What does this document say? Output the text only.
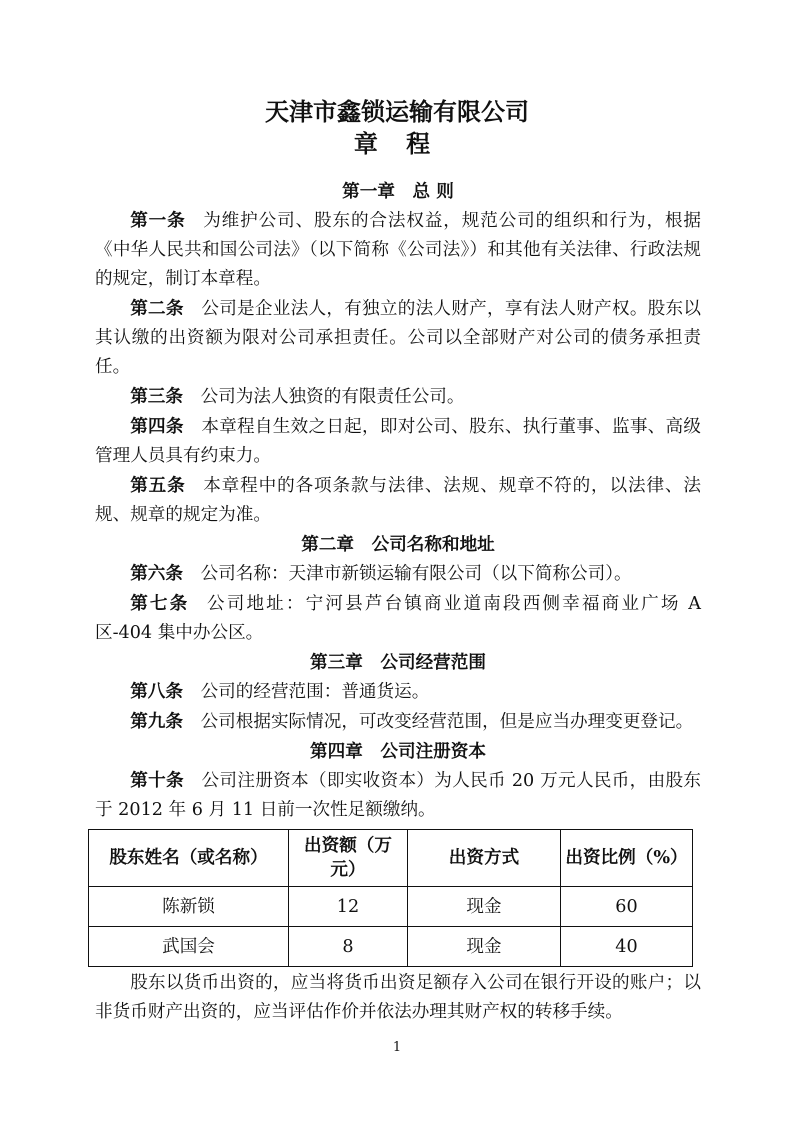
天津市鑫锁运输有限公司
章 程
第一章　总 则
第一条 为维护公司、股东的合法权益，规范公司的组织和行为，根据《中华人民共和国公司法》（以下简称《公司法》）和其他有关法律、行政法规的规定，制订本章程。
第二条 公司是企业法人，有独立的法人财产，享有法人财产权。股东以其认缴的出资额为限对公司承担责任。公司以全部财产对公司的债务承担责任。
第三条 公司为法人独资的有限责任公司。
第四条 本章程自生效之日起，即对公司、股东、执行董事、监事、高级管理人员具有约束力。
第五条 本章程中的各项条款与法律、法规、规章不符的，以法律、法规、规章的规定为准。
第二章　公司名称和地址
第六条 公司名称：天津市新锁运输有限公司（以下简称公司）。
第七条 公司地址：宁河县芦台镇商业道南段西侧幸福商业广场 A 区-404 集中办公区。
第三章　公司经营范围
第八条 公司的经营范围：普通货运。
第九条 公司根据实际情况，可改变经营范围，但是应当办理变更登记。
第四章　公司注册资本
第十条 公司注册资本（即实收资本）为人民币 20 万元人民币，由股东于 2012 年 6 月 11 日前一次性足额缴纳。
股东姓名（或名称）	出资额（万元）	出资方式	出资比例（%）
陈新锁	12	现金	60
武国会	8	现金	40
股东以货币出资的，应当将货币出资足额存入公司在银行开设的账户；以非货币财产出资的，应当评估作价并依法办理其财产权的转移手续。
1
